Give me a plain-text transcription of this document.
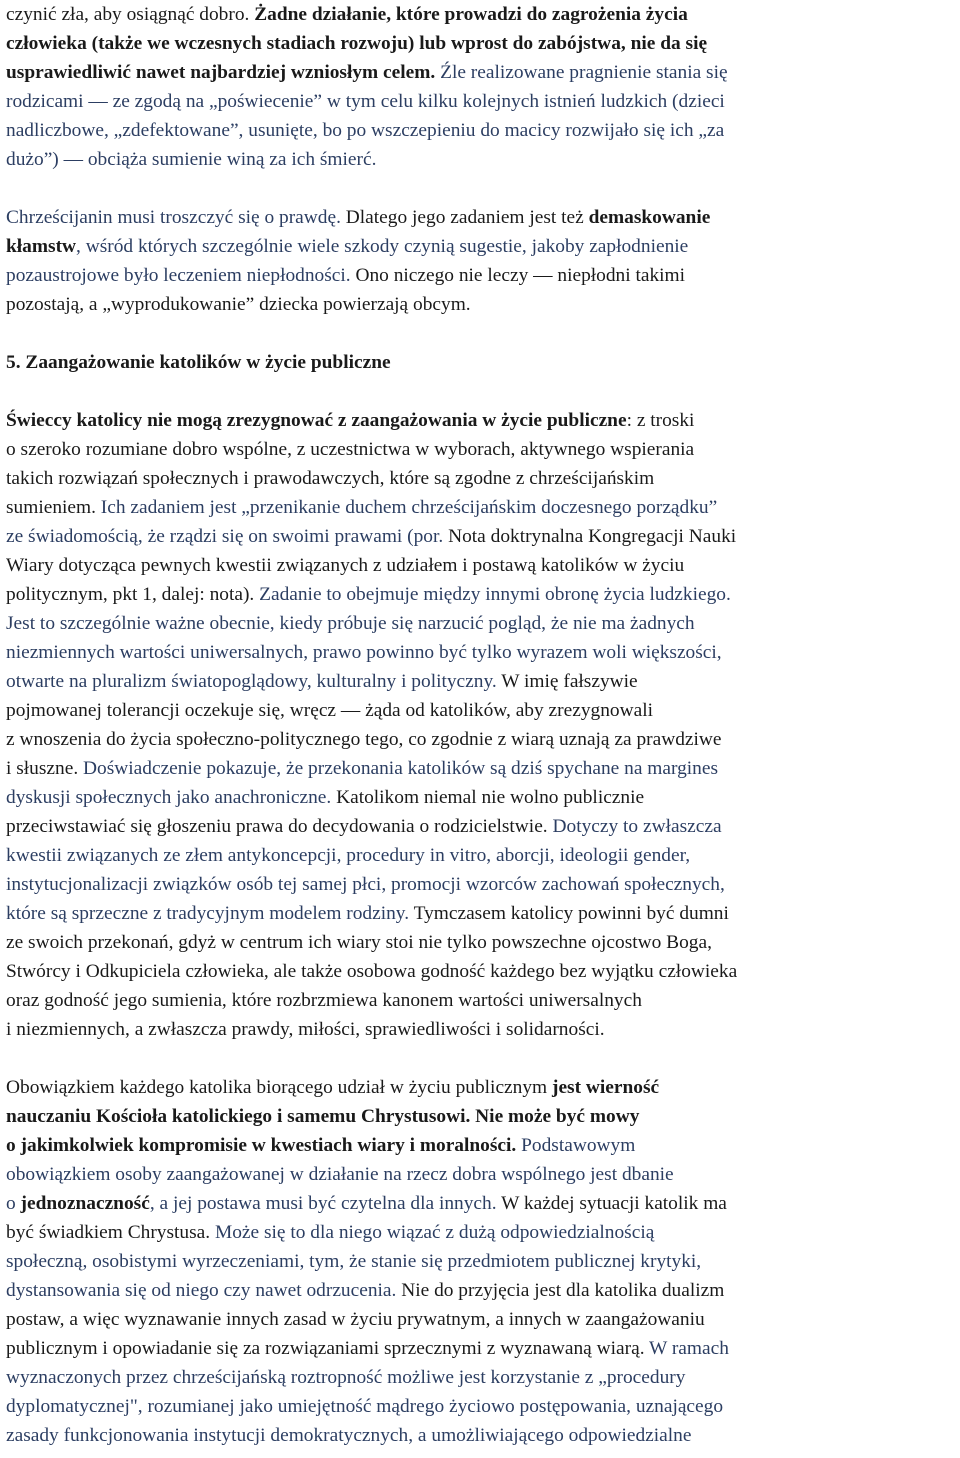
czynić zła, aby osiągnąć dobro. Żadne działanie, które prowadzi do zagrożenia życia
człowieka (także we wczesnych stadiach rozwoju) lub wprost do zabójstwa, nie da się
usprawiedliwić nawet najbardziej wzniosłym celem. Źle realizowane pragnienie stania się
rodzicami — ze zgodą na „poświecenie” w tym celu kilku kolejnych istnień ludzkich (dzieci
nadliczbowe, „zdefektowane”, usunięte, bo po wszczepieniu do macicy rozwijało się ich „za
dużo”) — obciąża sumienie winą za ich śmierć.

Chrześcijanin musi troszczyć się o prawdę. Dlatego jego zadaniem jest też demaskowanie
kłamstw, wśród których szczególnie wiele szkody czynią sugestie, jakoby zapłodnienie
pozaustrojowe było leczeniem niepłodności. Ono niczego nie leczy — niepłodni takimi
pozostają, a „wyprodukowanie” dziecka powierzają obcym.

5. Zaangażowanie katolików w życie publiczne

Świeccy katolicy nie mogą zrezygnować z zaangażowania w życie publiczne: z troski
o szeroko rozumiane dobro wspólne, z uczestnictwa w wyborach, aktywnego wspierania
takich rozwiązań społecznych i prawodawczych, które są zgodne z chrześcijańskim
sumieniem. Ich zadaniem jest „przenikanie duchem chrześcijańskim doczesnego porządku”
ze świadomością, że rządzi się on swoimi prawami (por. Nota doktrynalna Kongregacji Nauki
Wiary dotycząca pewnych kwestii związanych z udziałem i postawą katolików w życiu
politycznym, pkt 1, dalej: nota). Zadanie to obejmuje między innymi obronę życia ludzkiego.
Jest to szczególnie ważne obecnie, kiedy próbuje się narzucić pogląd, że nie ma żadnych
niezmiennych wartości uniwersalnych, prawo powinno być tylko wyrazem woli większości,
otwarte na pluralizm światopoglądowy, kulturalny i polityczny. W imię fałszywie
pojmowanej tolerancji oczekuje się, wręcz — żąda od katolików, aby zrezygnowali
z wnoszenia do życia społeczno-politycznego tego, co zgodnie z wiarą uznają za prawdziwe
i słuszne. Doświadczenie pokazuje, że przekonania katolików są dziś spychane na margines
dyskusji społecznych jako anachroniczne. Katolikom niemal nie wolno publicznie
przeciwstawiać się głoszeniu prawa do decydowania o rodzicielstwie. Dotyczy to zwłaszcza
kwestii związanych ze złem antykoncepcji, procedury in vitro, aborcji, ideologii gender,
instytucjonalizacji związków osób tej samej płci, promocji wzorców zachowań społecznych,
które są sprzeczne z tradycyjnym modelem rodziny. Tymczasem katolicy powinni być dumni
ze swoich przekonań, gdyż w centrum ich wiary stoi nie tylko powszechne ojcostwo Boga,
Stwórcy i Odkupiciela człowieka, ale także osobowa godność każdego bez wyjątku człowieka
oraz godność jego sumienia, które rozbrzmiewa kanonem wartości uniwersalnych
i niezmiennych, a zwłaszcza prawdy, miłości, sprawiedliwości i solidarności.

Obowiązkiem każdego katolika biorącego udział w życiu publicznym jest wierność
nauczaniu Kościoła katolickiego i samemu Chrystusowi. Nie może być mowy
o jakimkolwiek kompromisie w kwestiach wiary i moralności. Podstawowym
obowiązkiem osoby zaangażowanej w działanie na rzecz dobra wspólnego jest dbanie
o jednoznaczność, a jej postawa musi być czytelna dla innych. W każdej sytuacji katolik ma
być świadkiem Chrystusa. Może się to dla niego wiązać z dużą odpowiedzialnością
społeczną, osobistymi wyrzeczeniami, tym, że stanie się przedmiotem publicznej krytyki,
dystansowania się od niego czy nawet odrzucenia. Nie do przyjęcia jest dla katolika dualizm
postaw, a więc wyznawanie innych zasad w życiu prywatnym, a innych w zaangażowaniu
publicznym i opowiadanie się za rozwiązaniami sprzecznymi z wyznawaną wiarą. W ramach
wyznaczonych przez chrześcijańską roztropność możliwe jest korzystanie z „procedury
dyplomatycznej", rozumianej jako umiejętność mądrego życiowo postępowania, uznającego
zasady funkcjonowania instytucji demokratycznych, a umożliwiającego odpowiedzialne
